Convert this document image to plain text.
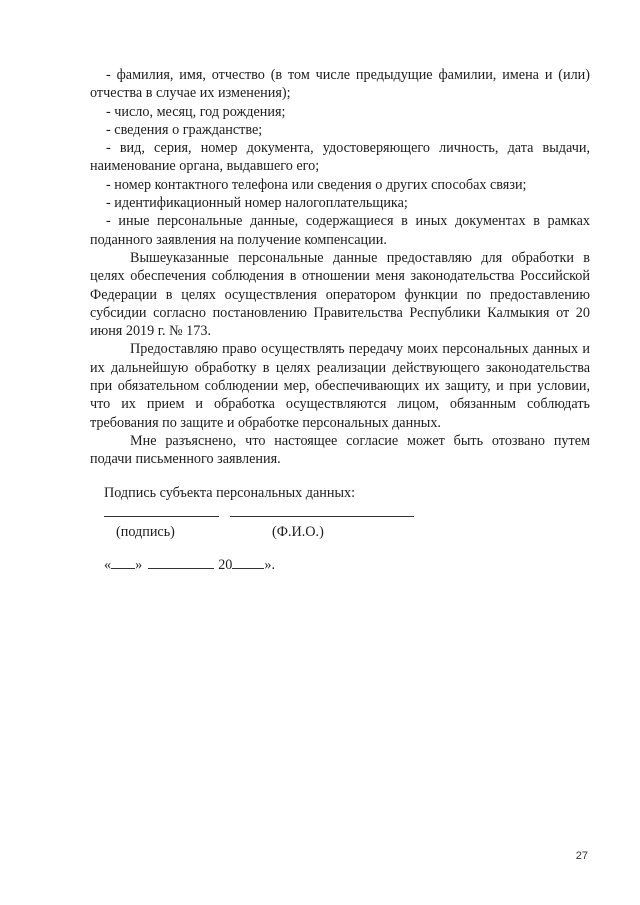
- фамилия, имя, отчество (в том числе предыдущие фамилии, имена и (или) отчества в случае их изменения);

- число, месяц, год рождения;

- сведения о гражданстве;

- вид, серия, номер документа, удостоверяющего личность, дата выдачи, наименование органа, выдавшего его;

- номер контактного телефона или сведения о других способах связи;

- идентификационный номер налогоплательщика;

- иные персональные данные, содержащиеся в иных документах в рамках поданного заявления на получение компенсации.

Вышеуказанные персональные данные предоставляю для обработки в целях обеспечения соблюдения в отношении меня законодательства Российской Федерации в целях осуществления оператором функции по предоставлению субсидии согласно постановлению Правительства Республики Калмыкия от 20 июня 2019 г. № 173.

Предоставляю право осуществлять передачу моих персональных данных и их дальнейшую обработку в целях реализации действующего законодательства при обязательном соблюдении мер, обеспечивающих их защиту, и при условии, что их прием и обработка осуществляются лицом, обязанным соблюдать требования по защите и обработке персональных данных.

Мне разъяснено, что настоящее согласие может быть отозвано путем подачи письменного заявления.

Подпись субъекта персональных данных:

(подпись)	(Ф.И.О.)
« »	20 ».
27
